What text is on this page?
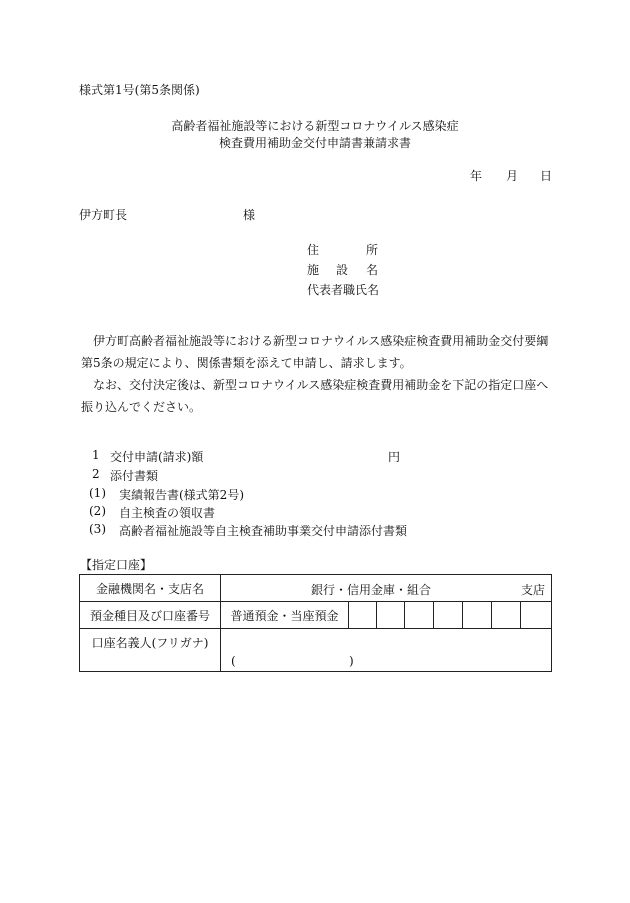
様式第1号(第5条関係)
高齢者福祉施設等における新型コロナウイルス感染症
検査費用補助金交付申請書兼請求書
年 月 日
伊方町長	様
住	所
施 設 名
代表者職氏名

伊方町高齢者福祉施設等における新型コロナウイルス感染症検査費用補助金交付要綱第5条の規定により、関係書類を添えて申請し、請求します。

なお、交付決定後は、新型コロナウイルス感染症検査費用補助金を下記の指定口座へ振り込んでください。

1 交付申請(請求)額	円
2 添付書類
(1) 実績報告書(様式第2号)
(2) 自主検査の領収書
(3) 高齢者福祉施設等自主検査補助事業交付申請添付書類
【指定口座】
金融機関名・支店名	銀行・信用金庫・組合 支店							

預金種目及び口座番号	普通預金・当座預金							
口座名義人(フリガナ)	( )							
